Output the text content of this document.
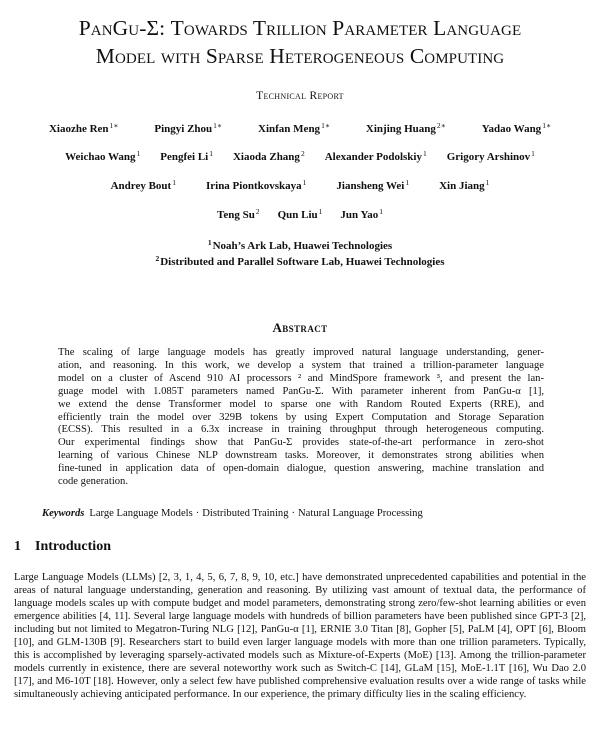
PanGu-Σ: Towards Trillion Parameter Language
Model with Sparse Heterogeneous Computing
Technical Report
Xiaozhe Ren$^{1∗}$	Pingyi Zhou$^{1∗}$	Xinfan Meng$^{1∗}$	Xinjing Huang$^{2∗}$	Yadao Wang$^{1∗}$
Weichao Wang$^1$ Pengfei Li$^1$ Xiaoda Zhang$^2$ Alexander Podolskiy$^1$ Grigory Arshinov$^1$
Andrey Bout$^1$	Irina Piontkovskaya$^1$	Jiansheng Wei$^1$	Xin Jiang$^1$
Teng Su$^2$ Qun Liu$^1$ Jun Yao$^1$
$^1$Noah’s Ark Lab, Huawei Technologies
$^2$Distributed and Parallel Software Lab, Huawei Technologies
Abstract
The scaling of large language models has greatly improved natural language understanding, gener- ation, and reasoning. In this work, we develop a system that trained a trillion-parameter language model on a cluster of Ascend 910 AI processors ² and MindSpore framework ³, and present the lan- guage model with 1.085T parameters named PanGu-Σ. With parameter inherent from PanGu-α [1], we extend the dense Transformer model to sparse one with Random Routed Experts (RRE), and efficiently train the model over 329B tokens by using Expert Computation and Storage Separation (ECSS). This resulted in a 6.3x increase in training throughput through heterogeneous computing. Our experimental findings show that PanGu-Σ provides state-of-the-art performance in zero-shot learning of various Chinese NLP downstream tasks. Moreover, it demonstrates strong abilities when fine-tuned in application data of open-domain dialogue, question answering, machine translation and code generation.
Keywords Large Language Models · Distributed Training · Natural Language Processing
1 Introduction
Large Language Models (LLMs) [2, 3, 1, 4, 5, 6, 7, 8, 9, 10, etc.] have demonstrated unprecedented capabilities and potential in the areas of natural language understanding, generation and reasoning. By utilizing vast amount of textual data, the performance of language models scales up with compute budget and model parameters, demonstrating strong zero/few-shot learning abilities or even emergence abilities [4, 11]. Several large language models with hundreds of billion parameters have been published since GPT-3 [2], including but not limited to Megatron-Turing NLG [12], PanGu-α [1], ERNIE 3.0 Titan [8], Gopher [5], PaLM [4], OPT [6], Bloom [10], and GLM-130B [9]. Researchers start to build even larger language models with more than one trillion parameters. Typically, this is accomplished by leveraging sparsely-activated models such as Mixture-of-Experts (MoE) [13]. Among the trillion-parameter models currently in existence, there are several noteworthy work such as Switch-C [14], GLaM [15], MoE-1.1T [16], Wu Dao 2.0 [17], and M6-10T [18]. However, only a select few have published comprehensive evaluation results over a wide range of tasks while simultaneously achieving anticipated performance. In our experience, the primary difficulty lies in the scaling efficiency.
